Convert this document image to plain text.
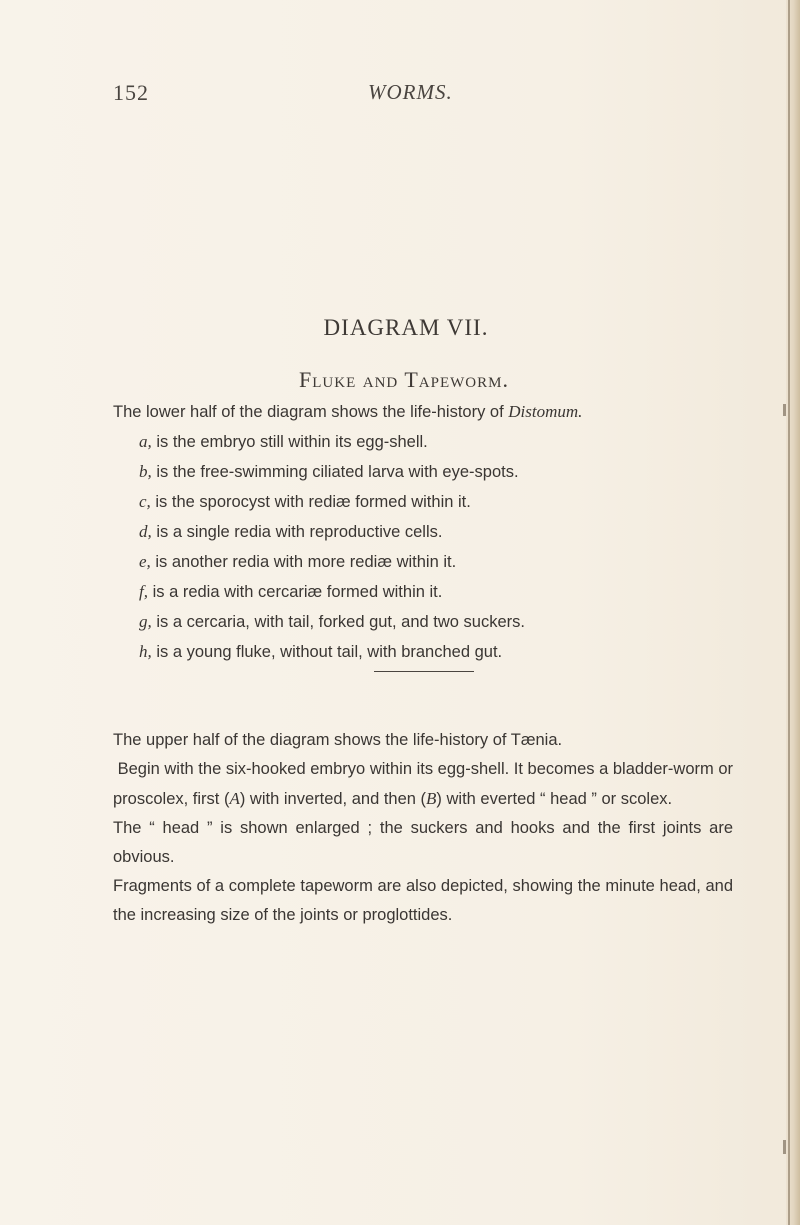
152	WORMS.
DIAGRAM VII.
Fluke and Tapeworm.

The lower half of the diagram shows the life-history of Distomum.

a, is the embryo still within its egg-shell.

b, is the free-swimming ciliated larva with eye-spots.

c, is the sporocyst with rediæ formed within it.

d, is a single redia with reproductive cells.

e, is another redia with more rediæ within it.

f, is a redia with cercariæ formed within it.

g, is a cercaria, with tail, forked gut, and two suckers.

h, is a young fluke, without tail, with branched gut.

The upper half of the diagram shows the life-history of Tænia.

Begin with the six-hooked embryo within its egg-shell. It becomes a bladder-worm or proscolex, first (A) with inverted, and then (B) with everted “ head ” or scolex.

The “ head ” is shown enlarged ; the suckers and hooks and the first joints are obvious.

Fragments of a complete tapeworm are also depicted, showing the minute head, and the increasing size of the joints or proglottides.
